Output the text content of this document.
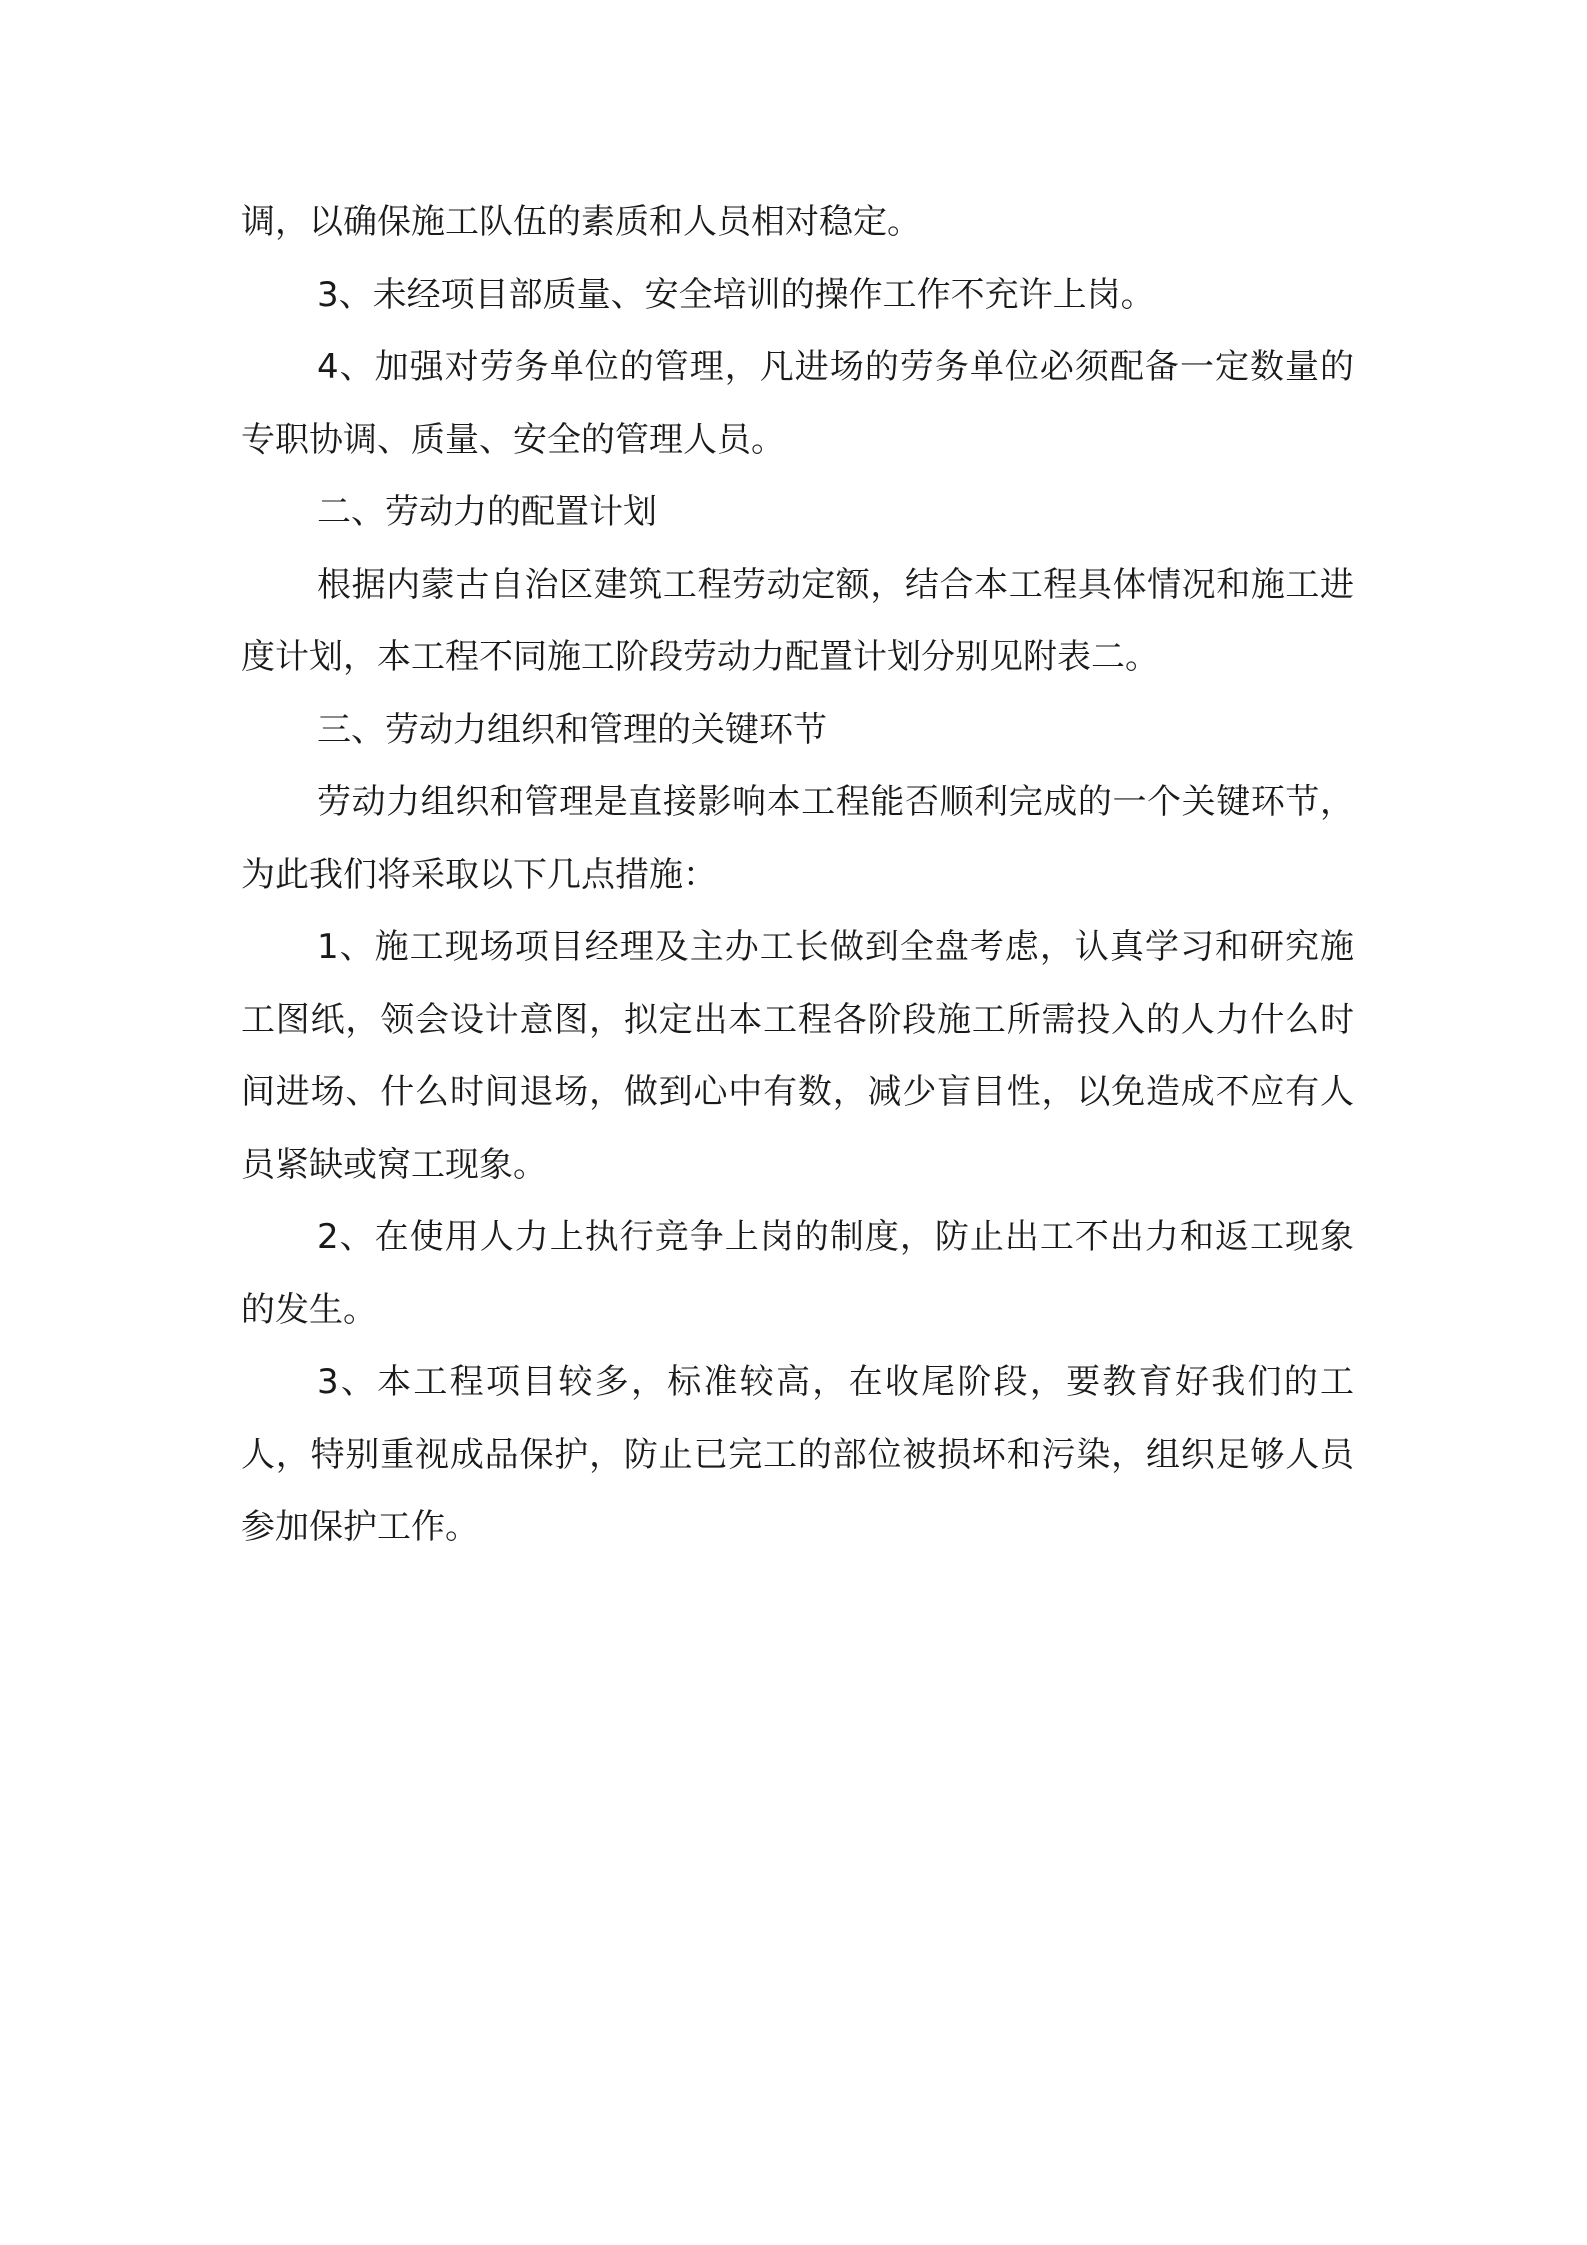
调，以确保施工队伍的素质和人员相对稳定。

3、未经项目部质量、安全培训的操作工作不充许上岗。

4、加强对劳务单位的管理，凡进场的劳务单位必须配备一定数量的专职协调、质量、安全的管理人员。

二、劳动力的配置计划

根据内蒙古自治区建筑工程劳动定额，结合本工程具体情况和施工进度计划，本工程不同施工阶段劳动力配置计划分别见附表二。

三、劳动力组织和管理的关键环节

劳动力组织和管理是直接影响本工程能否顺利完成的一个关键环节，为此我们将采取以下几点措施：

1、施工现场项目经理及主办工长做到全盘考虑，认真学习和研究施工图纸，领会设计意图，拟定出本工程各阶段施工所需投入的人力什么时间进场、什么时间退场，做到心中有数，减少盲目性，以免造成不应有人员紧缺或窝工现象。

2、在使用人力上执行竞争上岗的制度，防止出工不出力和返工现象的发生。

3、本工程项目较多，标准较高，在收尾阶段，要教育好我们的工人，特别重视成品保护，防止已完工的部位被损坏和污染，组织足够人员参加保护工作。
